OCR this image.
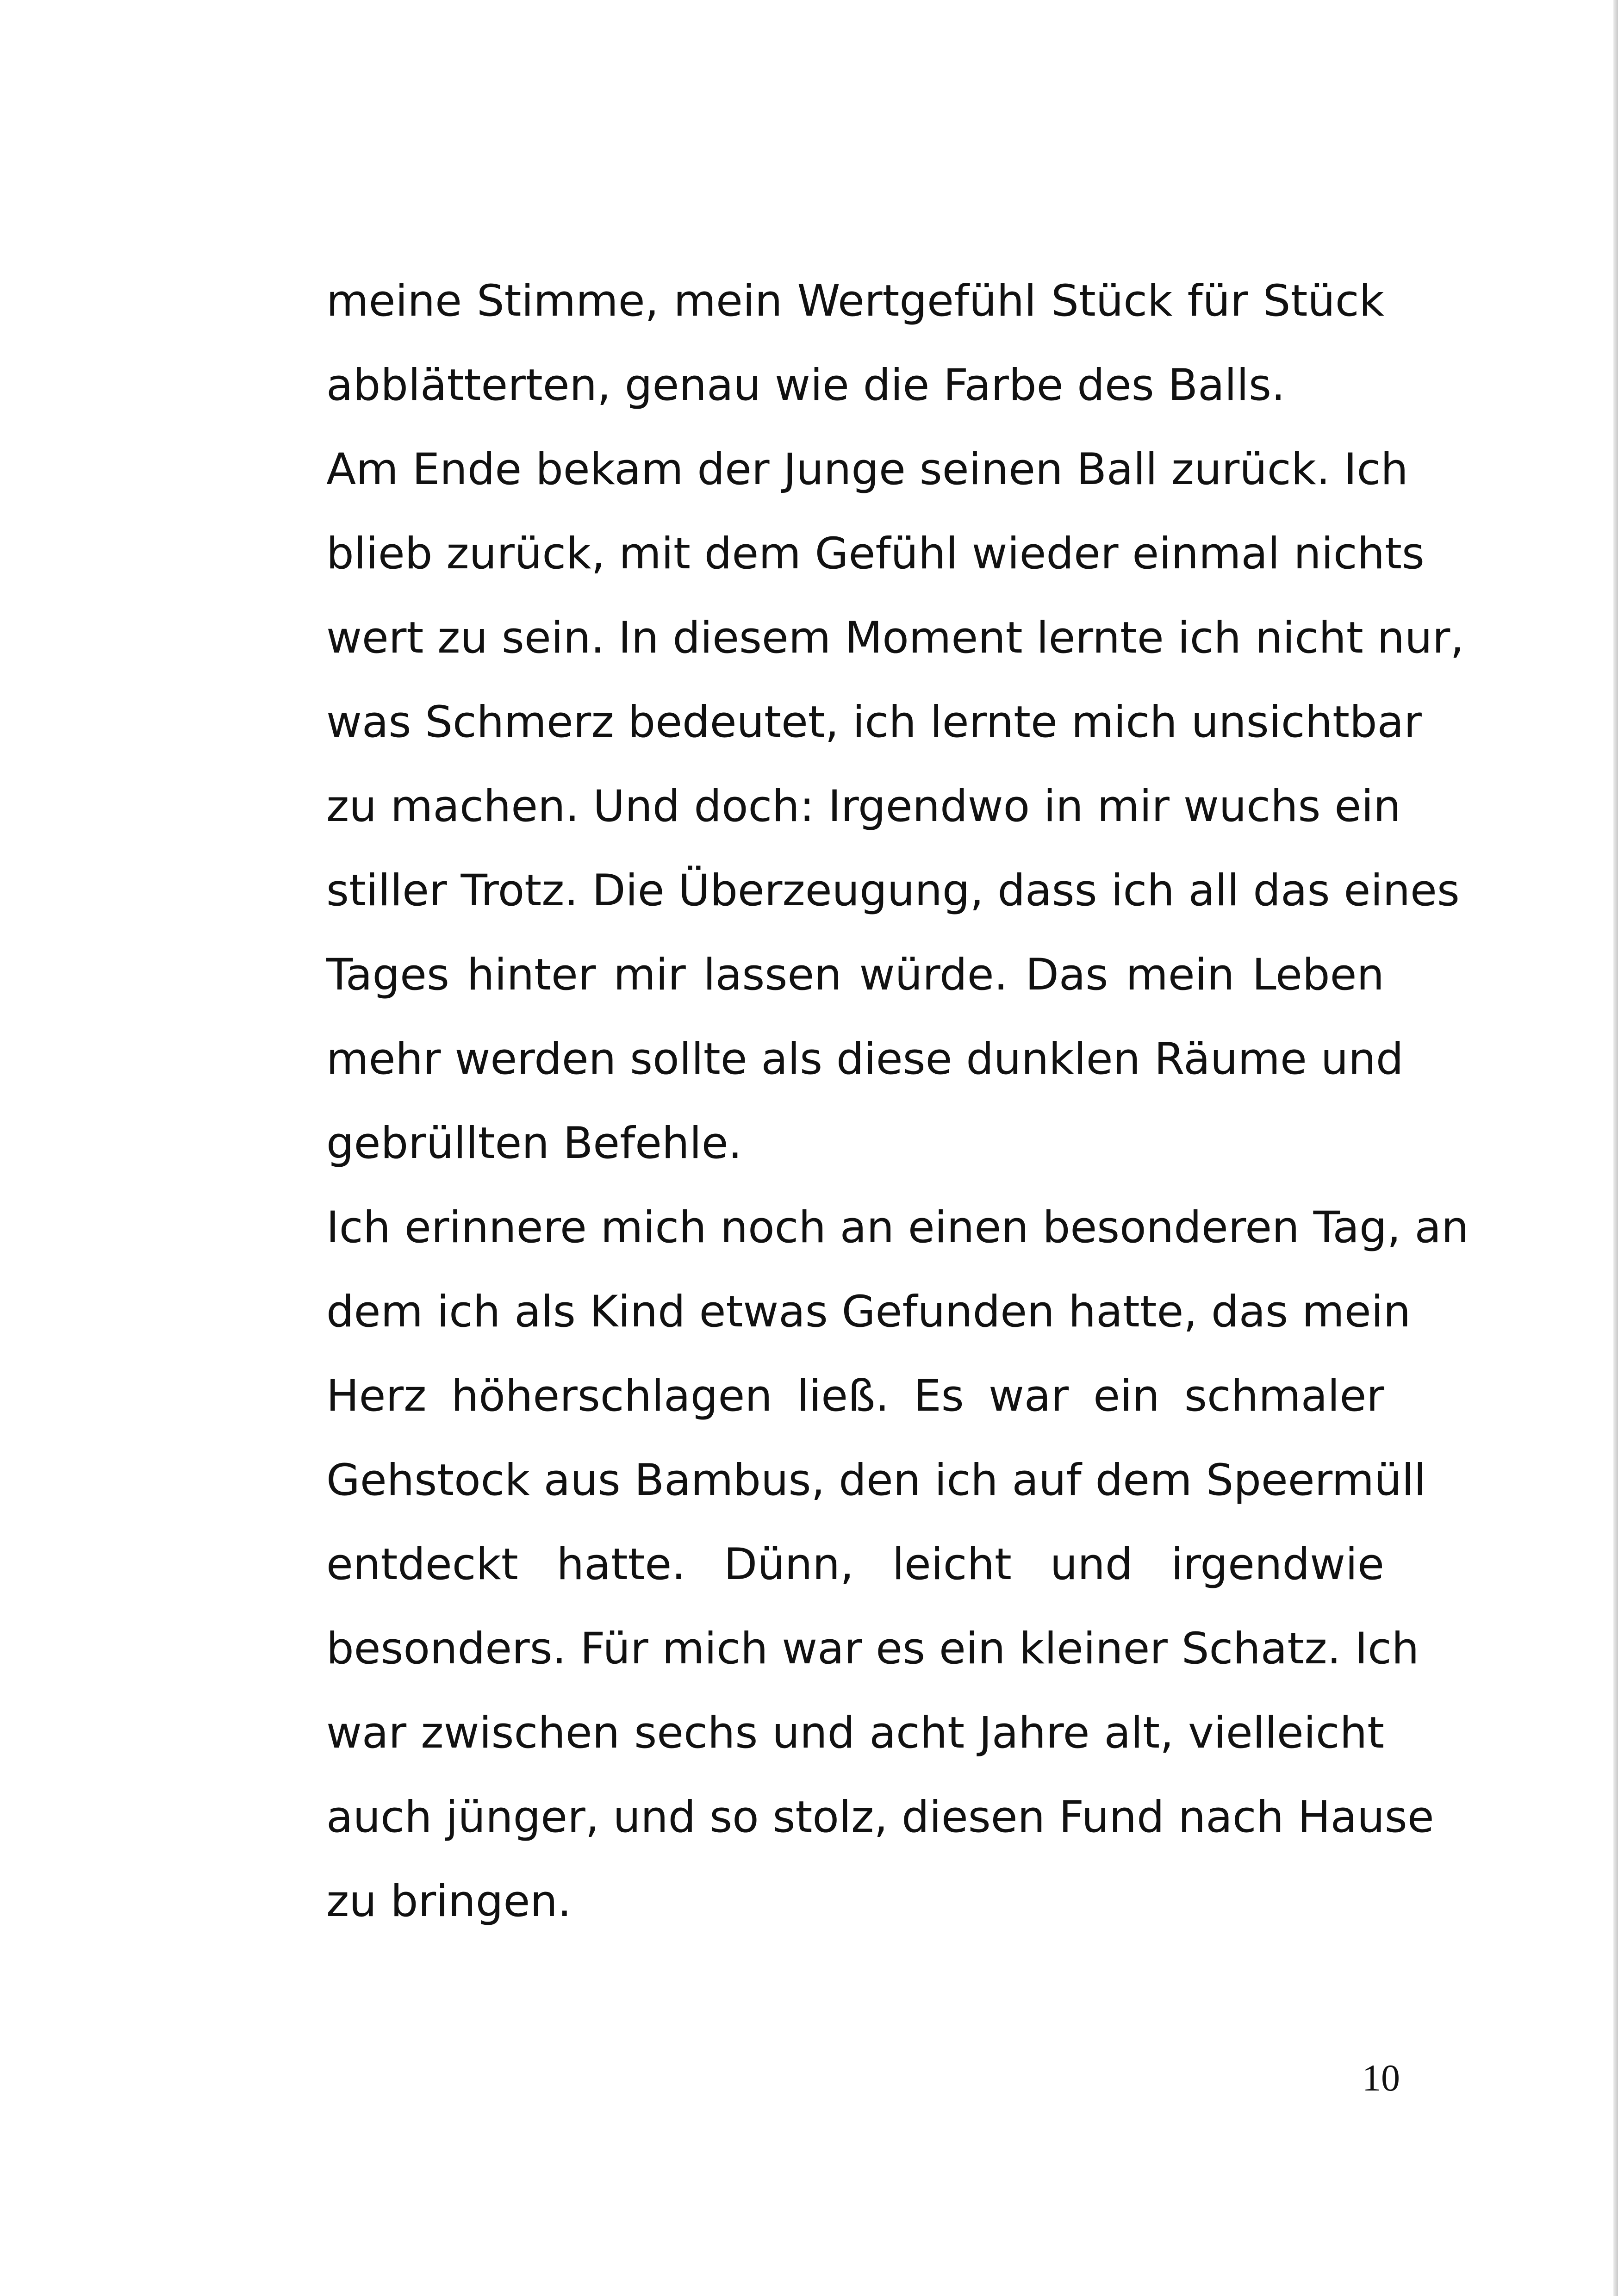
meine Stimme, mein Wertgefühl Stück für Stück
abblätterten, genau wie die Farbe des Balls.
Am Ende bekam der Junge seinen Ball zurück. Ich
blieb zurück, mit dem Gefühl wieder einmal nichts
wert zu sein. In diesem Moment lernte ich nicht nur,
was Schmerz bedeutet, ich lernte mich unsichtbar
zu machen. Und doch: Irgendwo in mir wuchs ein
stiller Trotz. Die Überzeugung, dass ich all das eines
Tages hinter mir lassen würde. Das mein Leben
mehr werden sollte als diese dunklen Räume und
gebrüllten Befehle.
Ich erinnere mich noch an einen besonderen Tag, an
dem ich als Kind etwas Gefunden hatte, das mein
Herz höherschlagen ließ. Es war ein schmaler
Gehstock aus Bambus, den ich auf dem Speermüll
entdeckt hatte. Dünn, leicht und irgendwie
besonders. Für mich war es ein kleiner Schatz. Ich
war zwischen sechs und acht Jahre alt, vielleicht
auch jünger, und so stolz, diesen Fund nach Hause
zu bringen.
10
